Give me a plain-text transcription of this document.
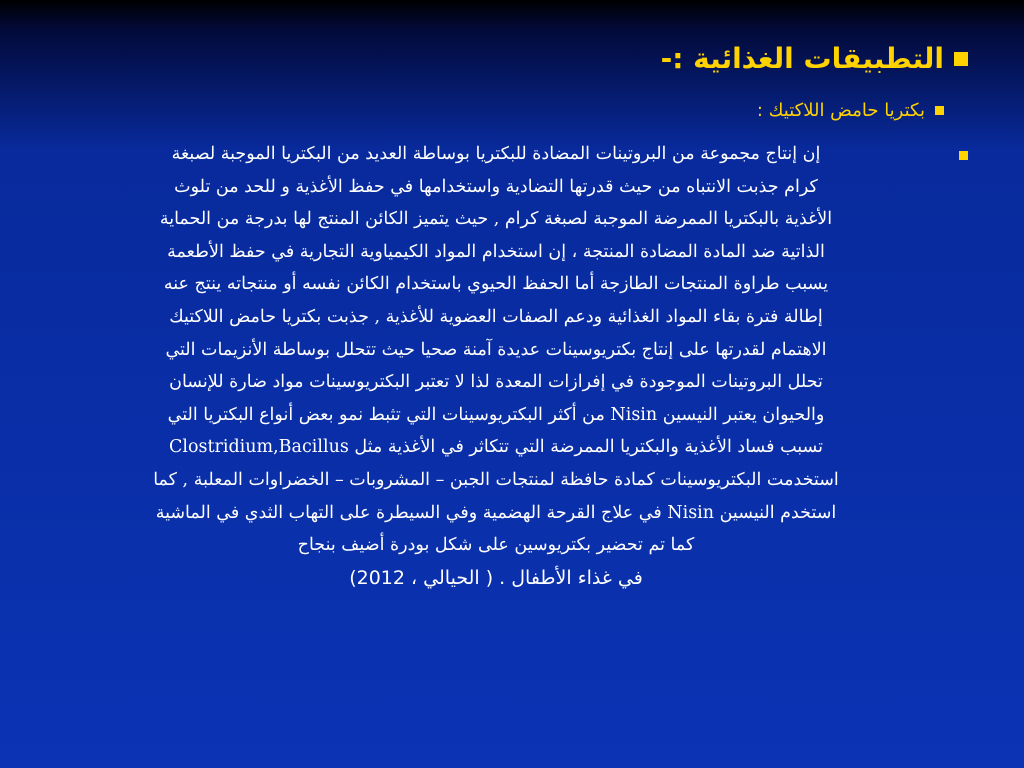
التطبيقات الغذائية :-
بكتريا حامض اللاكتيك :
إن إنتاج مجموعة من البروتينات المضادة للبكتريا بوساطة العديد من البكتريا الموجبة لصبغة
كرام جذبت الانتباه من حيث قدرتها التضادية واستخدامها في حفظ الأغذية و للحد من تلوث
الأغذية بالبكتريا الممرضة الموجبة لصبغة كرام , حيث يتميز الكائن المنتج لها بدرجة من الحماية
الذاتية ضد المادة المضادة المنتجة ، إن استخدام المواد الكيمياوية التجارية في حفظ الأطعمة
يسبب طراوة المنتجات الطازجة أما الحفظ الحيوي باستخدام الكائن نفسه أو منتجاته ينتج عنه
إطالة فترة بقاء المواد الغذائية ودعم الصفات العضوية للأغذية , جذبت بكتريا حامض اللاكتيك
الاهتمام لقدرتها على إنتاج بكتريوسينات عديدة آمنة صحيا حيث تتحلل بوساطة الأنزيمات التي
تحلل البروتينات الموجودة في إفرازات المعدة لذا لا تعتبر البكتريوسينات مواد ضارة للإنسان
والحيوان يعتبر النيسين Nisin من أكثر البكتريوسينات التي تثبط نمو بعض أنواع البكتريا التي
تسبب فساد الأغذية والبكتريا الممرضة التي تتكاثر في الأغذية مثل Clostridium,Bacillus
استخدمت البكتريوسينات كمادة حافظة لمنتجات الجبن – المشروبات – الخضراوات المعلبة , كما
استخدم النيسين Nisin في علاج القرحة الهضمية وفي السيطرة على التهاب الثدي في الماشية
كما تم تحضير بكتريوسين على شكل بودرة أضيف بنجاح
في غذاء الأطفال . ( الحيالي ، 2012)
